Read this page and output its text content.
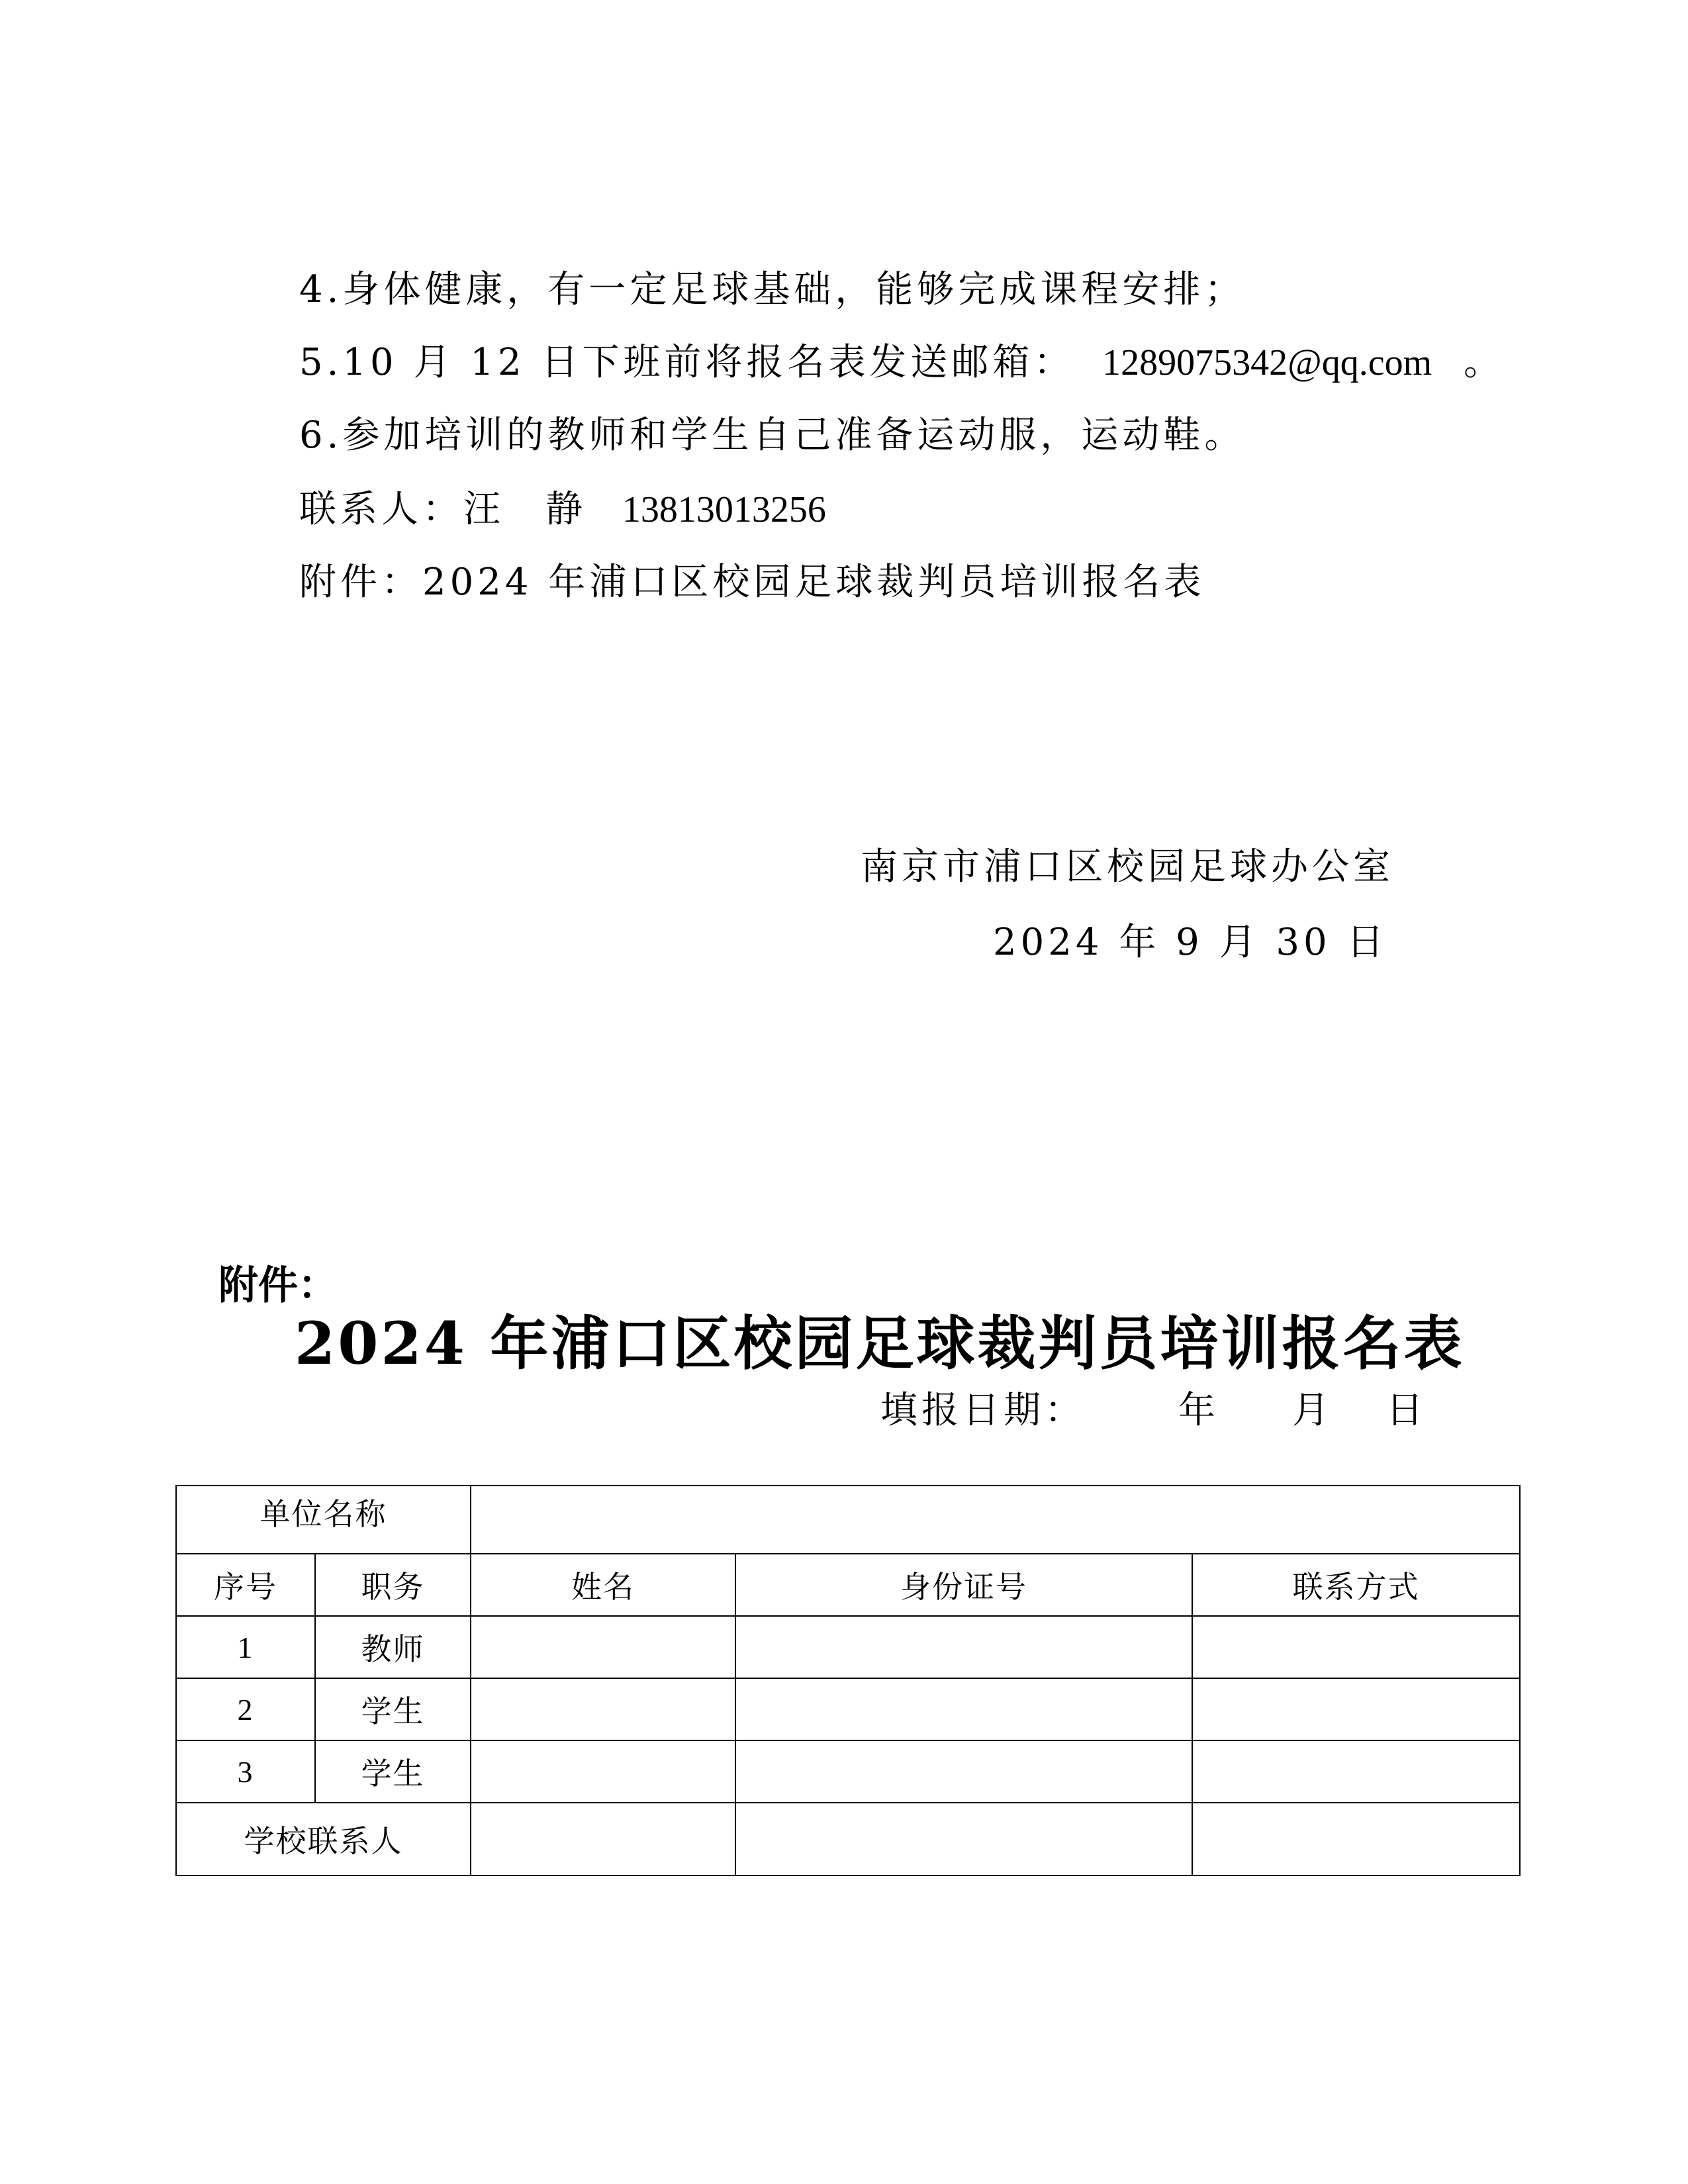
4.身体健康，有一定足球基础，能够完成课程安排；
5.10 月 12 日下班前将报名表发送邮箱： 1289075342@qq.com 。
6.参加培训的教师和学生自己准备运动服，运动鞋。
联系人：汪　静 13813013256
附件：2024 年浦口区校园足球裁判员培训报名表
南京市浦口区校园足球办公室
2024 年 9 月 30 日
附件：
2024 年浦口区校园足球裁判员培训报名表
填报日期：	年 月 日
单位名称				
序号	职务	姓名	身份证号	联系方式
1	教师			
2	学生			
3	学生			
学校联系人				
